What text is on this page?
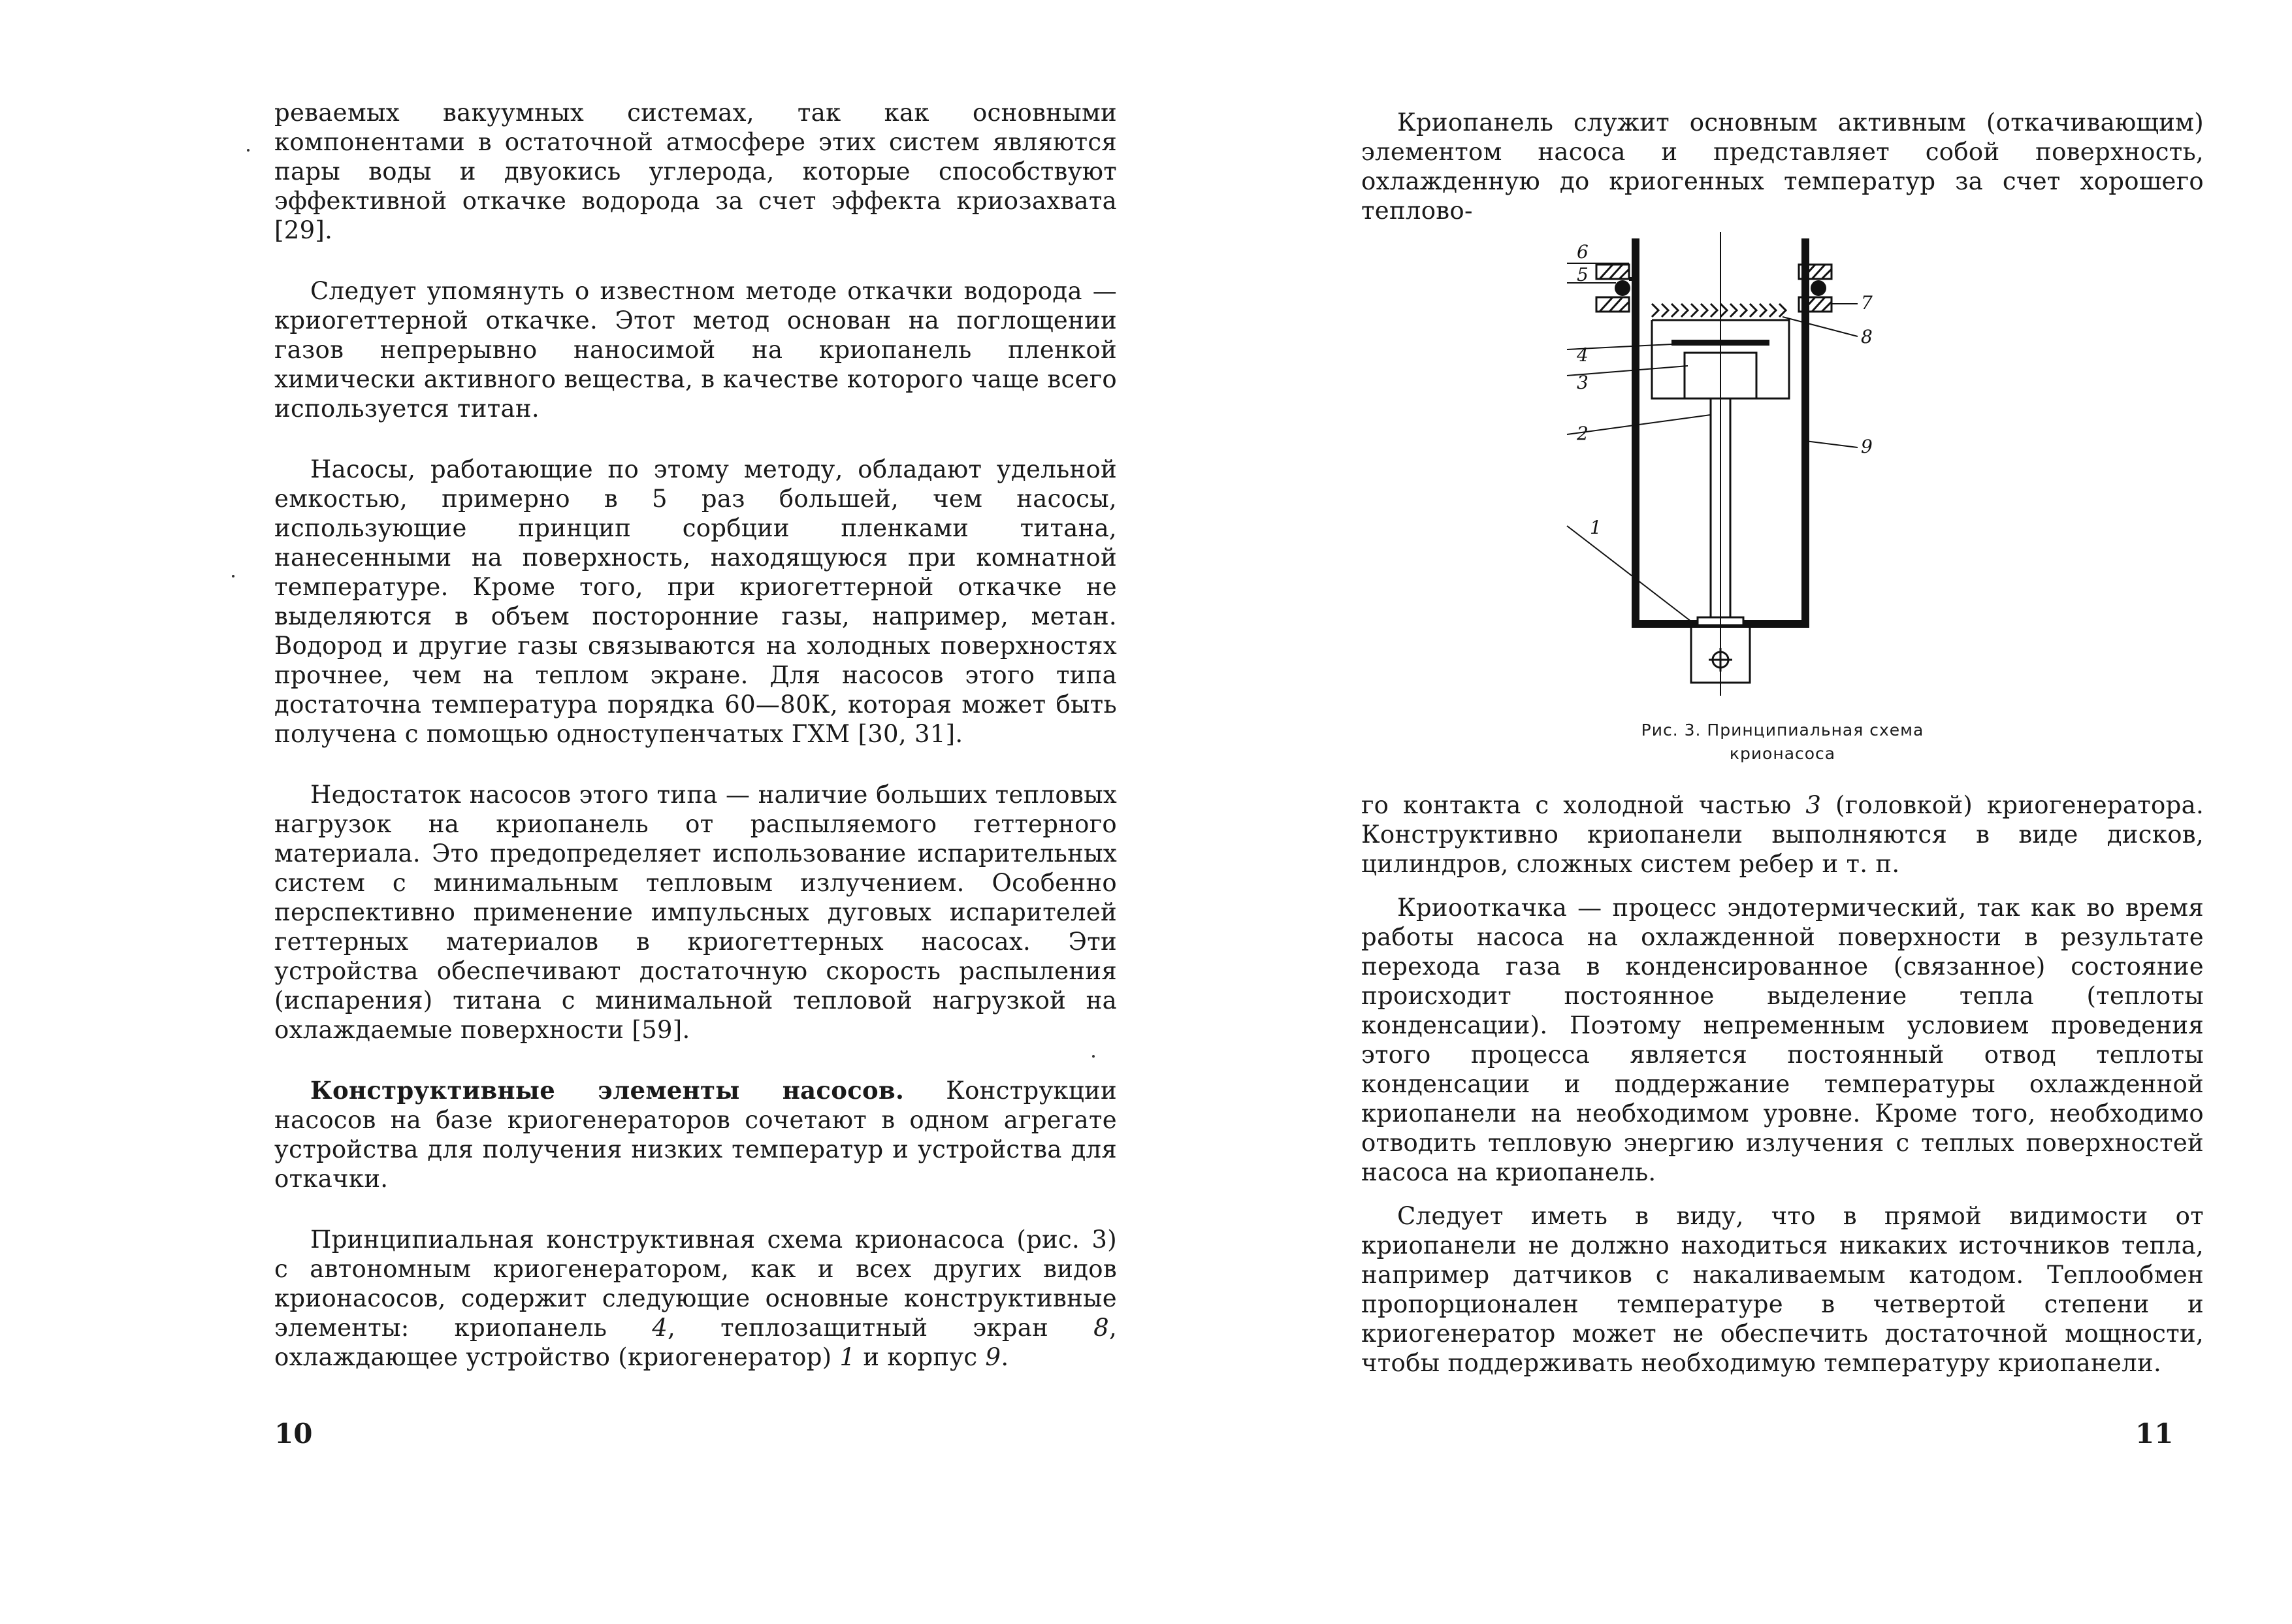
реваемых вакуумных системах, так как основными компонентами в остаточной атмосфере этих систем являются пары воды и двуокись углерода, которые способствуют эффективной откачке водорода за счет эффекта криозахвата [29].

Следует упомянуть о известном методе откачки водорода — криогеттерной откачке. Этот метод основан на поглощении газов непрерывно наносимой на криопанель пленкой химически активного вещества, в качестве которого чаще всего используется титан.

Насосы, работающие по этому методу, обладают удельной емкостью, примерно в 5 раз большей, чем насосы, использующие принцип сорбции пленками титана, нанесенными на поверхность, находящуюся при комнатной температуре. Кроме того, при криогеттерной откачке не выделяются в объем посторонние газы, например, метан. Водород и другие газы связываются на холодных поверхностях прочнее, чем на теплом экране. Для насосов этого типа достаточна температура порядка 60—80К, которая может быть получена с помощью одноступенчатых ГХМ [30, 31].

Недостаток насосов этого типа — наличие больших тепловых нагрузок на криопанель от распыляемого геттерного материала. Это предопределяет использование испарительных систем с минимальным тепловым излучением. Особенно перспективно применение импульсных дуговых испарителей геттерных материалов в криогеттерных насосах. Эти устройства обеспечивают достаточную скорость распыления (испарения) титана с минимальной тепловой нагрузкой на охлаждаемые поверхности [59].

Конструктивные элементы насосов. Конструкции насосов на базе криогенераторов сочетают в одном агрегате устройства для получения низких температур и устройства для откачки.

Принципиальная конструктивная схема крионасоса (рис. 3) с автономным криогенератором, как и всех других видов крионасосов, содержит следующие основные конструктивные элементы: криопанель 4, теплозащитный экран 8, охлаждающее устройство (криогенератор) 1 и корпус 9.

10

Криопанель служит основным активным (откачивающим) элементом насоса и представляет собой поверхность, охлажденную до криогенных температур за счет хорошего теплово-

6
5
7
4
8
3
2
9
1
Рис. 3. Принципиальная схема
крионасоса

го контакта с холодной частью 3 (головкой) криогенератора. Конструктивно криопанели выполняются в виде дисков, цилиндров, сложных систем ребер и т. п.

Криооткачка — процесс эндотермический, так как во время работы насоса на охлажденной поверхности в результате перехода газа в конденсированное (связанное) состояние происходит постоянное выделение тепла (теплоты конденсации). Поэтому непременным условием проведения этого процесса является постоянный отвод теплоты конденсации и поддержание температуры охлажденной криопанели на необходимом уровне. Кроме того, необходимо отводить тепловую энергию излучения с теплых поверхностей насоса на криопанель.

Следует иметь в виду, что в прямой видимости от криопанели не должно находиться никаких источников тепла, например датчиков с накаливаемым катодом. Теплообмен пропорционален температуре в четвертой степени и криогенератор может не обеспечить достаточной мощности, чтобы поддерживать необходимую температуру криопанели.

11
